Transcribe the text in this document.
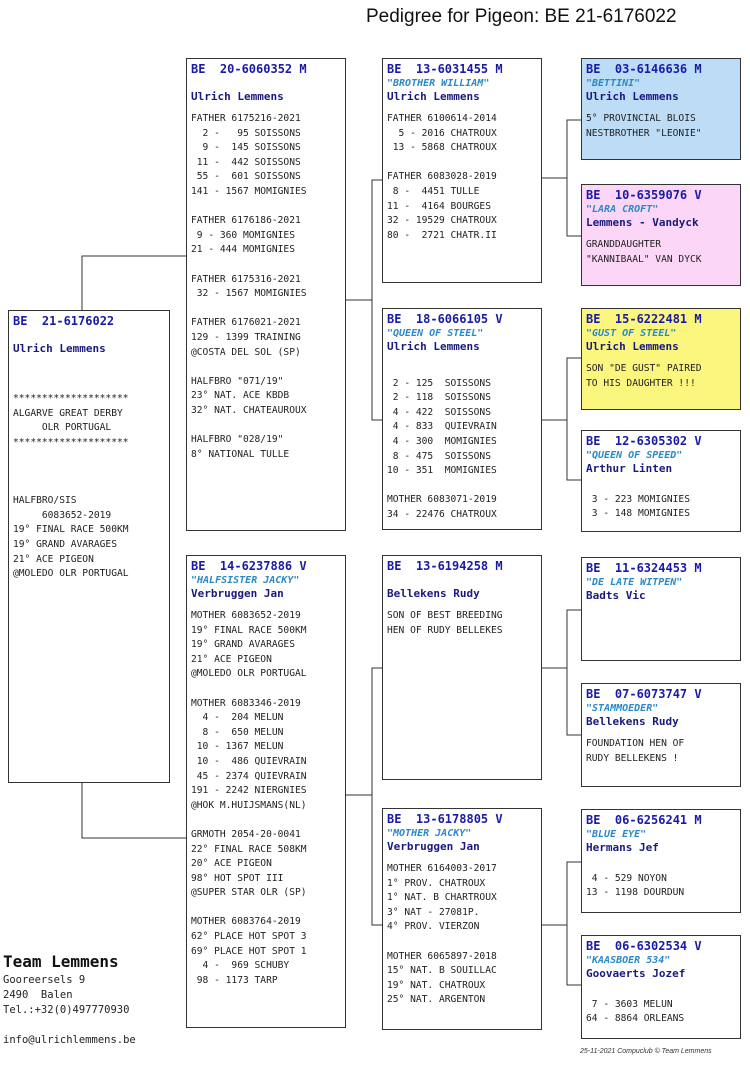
Pedigree for Pigeon: BE 21-6176022
BE  21-6176022
Ulrich Lemmens
********************
ALGARVE GREAT DERBY
OLR PORTUGAL
********************

HALFBRO/SIS
6083652-2019
19° FINAL RACE 500KM
19° GRAND AVARAGES
21° ACE PIGEON
@MOLEDO OLR PORTUGAL
BE  20-6060352 M
Ulrich Lemmens
FATHER 6175216-2021
2 -   95 SOISSONS
9 -  145 SOISSONS
11 -  442 SOISSONS
55 -  601 SOISSONS
141 - 1567 MOMIGNIES

FATHER 6176186-2021
9 - 360 MOMIGNIES
21 - 444 MOMIGNIES

FATHER 6175316-2021
32 - 1567 MOMIGNIES

FATHER 6176021-2021
129 - 1399 TRAINING
@COSTA DEL SOL (SP)

HALFBRO "071/19"
23° NAT. ACE KBDB
32° NAT. CHATEAUROUX

HALFBRO "028/19"
8° NATIONAL TULLE
BE  14-6237886 V
"HALFSISTER JACKY"
Verbruggen Jan
MOTHER 6083652-2019
19° FINAL RACE 500KM
19° GRAND AVARAGES
21° ACE PIGEON
@MOLEDO OLR PORTUGAL

MOTHER 6083346-2019
4 -  204 MELUN
8 -  650 MELUN
10 - 1367 MELUN
10 -  486 QUIEVRAIN
45 - 2374 QUIEVRAIN
191 - 2242 NIERGNIES
@HOK M.HUIJSMANS(NL)

GRMOTH 2054-20-0041
22° FINAL RACE 508KM
20° ACE PIGEON
98° HOT SPOT III
@SUPER STAR OLR (SP)

MOTHER 6083764-2019
62° PLACE HOT SPOT 3
69° PLACE HOT SPOT 1
4 -  969 SCHUBY
98 - 1173 TARP
BE  13-6031455 M
"BROTHER WILLIAM"
Ulrich Lemmens
FATHER 6100614-2014
5 - 2016 CHATROUX
13 - 5868 CHATROUX

FATHER 6083028-2019
8 -  4451 TULLE
11 -  4164 BOURGES
32 - 19529 CHATROUX
80 -  2721 CHATR.II
BE  18-6066105 V
"QUEEN OF STEEL"
Ulrich Lemmens

2 - 125  SOISSONS
2 - 118  SOISSONS
4 - 422  SOISSONS
4 - 833  QUIEVRAIN
4 - 300  MOMIGNIES
8 - 475  SOISSONS
10 - 351  MOMIGNIES

MOTHER 6083071-2019
34 - 22476 CHATROUX
BE  13-6194258 M
Bellekens Rudy
SON OF BEST BREEDING
HEN OF RUDY BELLEKES
BE  13-6178805 V
"MOTHER JACKY"
Verbruggen Jan
MOTHER 6164003-2017
1° PROV. CHATROUX
1° NAT. B CHARTROUX
3° NAT - 27081P.
4° PROV. VIERZON

MOTHER 6065897-2018
15° NAT. B SOUILLAC
19° NAT. CHATROUX
25° NAT. ARGENTON
BE  03-6146636 M
"BETTINI"
Ulrich Lemmens
5° PROVINCIAL BLOIS
NESTBROTHER "LEONIE"
BE  10-6359076 V
"LARA CROFT"
Lemmens - Vandyck
GRANDDAUGHTER
"KANNIBAAL" VAN DYCK
BE  15-6222481 M
"GUST OF STEEL"
Ulrich Lemmens
SON "DE GUST" PAIRED
TO HIS DAUGHTER !!!
BE  12-6305302 V
"QUEEN OF SPEED"
Arthur Linten

3 - 223 MOMIGNIES
3 - 148 MOMIGNIES
BE  11-6324453 M
"DE LATE WITPEN"
Badts Vic
BE  07-6073747 V
"STAMMOEDER"
Bellekens Rudy
FOUNDATION HEN OF
RUDY BELLEKENS !
BE  06-6256241 M
"BLUE EYE"
Hermans Jef

4 - 529 NOYON
13 - 1198 DOURDUN
BE  06-6302534 V
"KAASBOER 534"
Goovaerts Jozef

7 - 3603 MELUN
64 - 8864 ORLEANS
Team Lemmens
Gooreersels 9
2490  Balen
Tel.:+32(0)497770930
info@ulrichlemmens.be
25-11-2021 Compuclub © Team Lemmens
